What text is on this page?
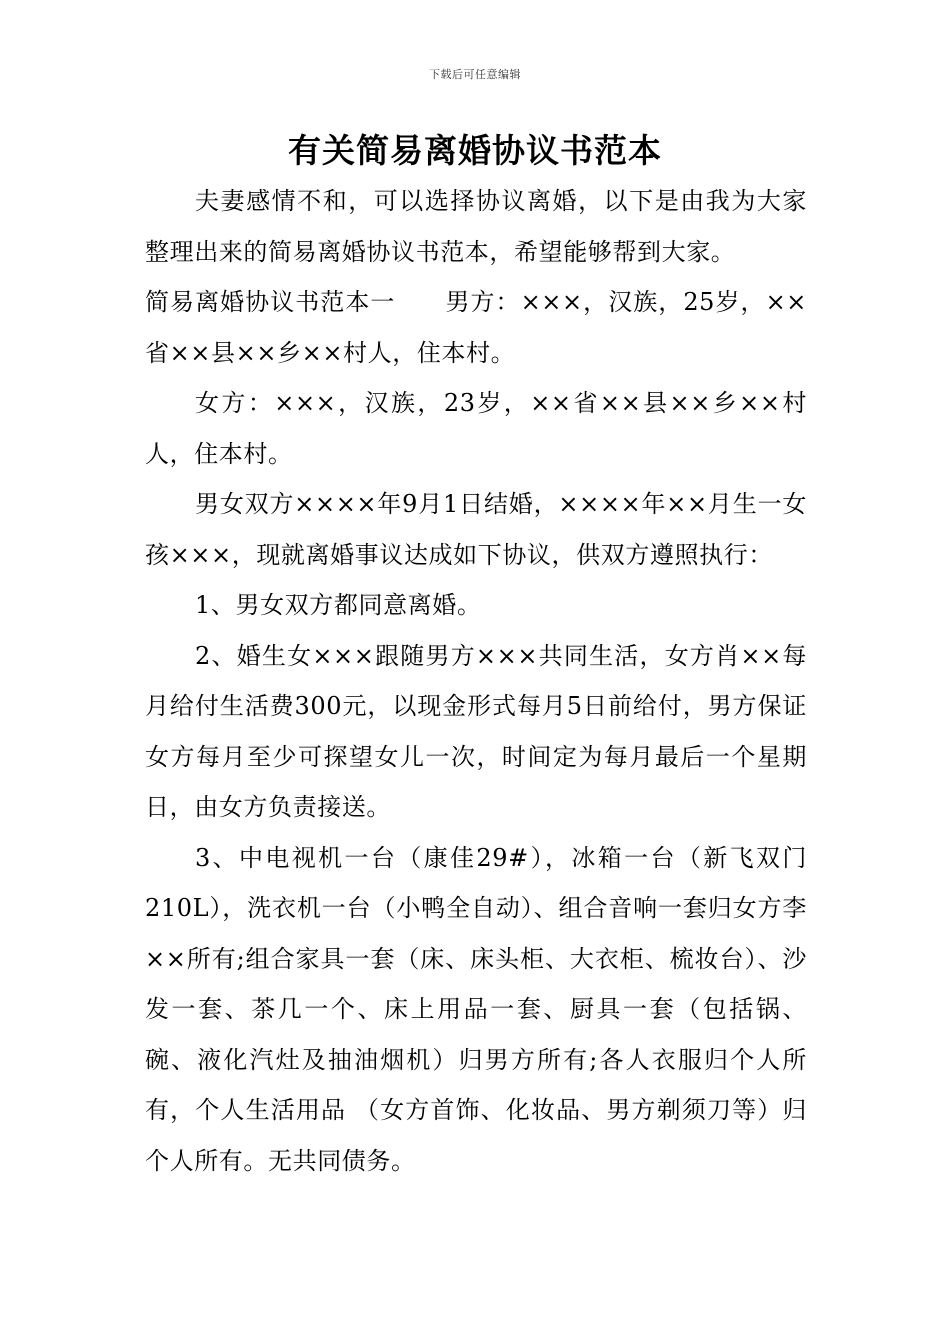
下载后可任意编辑
有关简易离婚协议书范本

夫妻感情不和，可以选择协议离婚，以下是由我为大家整理出来的简易离婚协议书范本，希望能够帮到大家。

简易离婚协议书范本一　　男方：×××，汉族，25岁，××省××县××乡××村人，住本村。

女方：×××，汉族，23岁，××省××县××乡××村人，住本村。

男女双方××××年9月1日结婚，××××年××月生一女孩×××，现就离婚事议达成如下协议，供双方遵照执行：

1、男女双方都同意离婚。

2、婚生女×××跟随男方×××共同生活，女方肖××每月给付生活费300元，以现金形式每月5日前给付，男方保证女方每月至少可探望女儿一次，时间定为每月最后一个星期日，由女方负责接送。

3、中电视机一台（康佳29#），冰箱一台（新飞双门210L），洗衣机一台（小鸭全自动）、组合音响一套归女方李××所有;组合家具一套（床、床头柜、大衣柜、梳妆台）、沙发一套、茶几一个、床上用品一套、厨具一套（包括锅、碗、液化汽灶及抽油烟机）归男方所有;各人衣服归个人所有，个人生活用品 （女方首饰、化妆品、男方剃须刀等）归个人所有。无共同债务。
